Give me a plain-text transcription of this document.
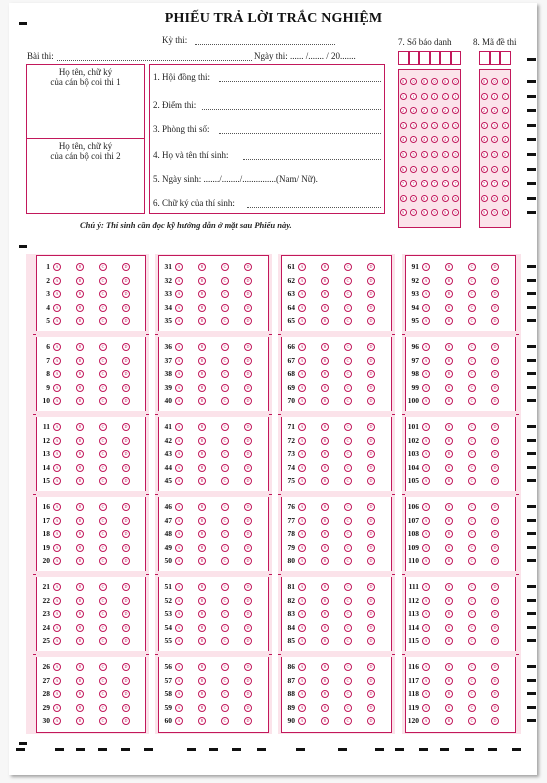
PHIẾU TRẢ LỜI TRẮC NGHIỆM
Kỳ thi:
Bài thi:	Ngày thi: ...... /....... / 20.......
7. Số báo danh 8. Mã đề thi
Họ tên, chữ ký
của cán bộ coi thi 1
Họ tên, chữ ký
của cán bộ coi thi 2
Chú ý: Thí sinh cần đọc kỹ hướng dẫn ở mặt sau Phiếu này.
1. Hội đồng thi:
2. Điểm thi:
3. Phòng thi số:
4. Họ và tên thí sinh:
5. Ngày sinh: ......./......../...............(Nam/ Nữ).
6. Chữ ký của thí sinh:
0
1
2
3
4
5
6
7
8
9
0
1
2
3
4
5
6
7
8
9
0
1
2
3
4
5
6
7
8
9
0
1
2
3
4
5
6
7
8
9
0
1
2
3
4
5
6
7
8
9
0
1
2
3
4
5
6
7
8
9
0
1
2
3
4
5
6
7
8
9
0
1
2
3
4
5
6
7
8
9
0
1
2
3
4
5
6
7
8
9
1	A	B	C	D
2	A	B	C	D
3	A	B	C	D
4	A	B	C	D
5	A	B	C	D
6	A	B	C	D
7	A	B	C	D
8	A	B	C	D
9	A	B	C	D
10	A	B	C	D
11	A	B	C	D
12	A	B	C	D
13	A	B	C	D
14	A	B	C	D
15	A	B	C	D
16	A	B	C	D
17	A	B	C	D
18	A	B	C	D
19	A	B	C	D
20	A	B	C	D
21	A	B	C	D
22	A	B	C	D
23	A	B	C	D
24	A	B	C	D
25	A	B	C	D
26	A	B	C	D
27	A	B	C	D
28	A	B	C	D
29	A	B	C	D
30	A	B	C	D
31	A	B	C	D
32	A	B	C	D
33	A	B	C	D
34	A	B	C	D
35	A	B	C	D
36	A	B	C	D
37	A	B	C	D
38	A	B	C	D
39	A	B	C	D
40	A	B	C	D
41	A	B	C	D
42	A	B	C	D
43	A	B	C	D
44	A	B	C	D
45	A	B	C	D
46	A	B	C	D
47	A	B	C	D
48	A	B	C	D
49	A	B	C	D
50	A	B	C	D
51	A	B	C	D
52	A	B	C	D
53	A	B	C	D
54	A	B	C	D
55	A	B	C	D
56	A	B	C	D
57	A	B	C	D
58	A	B	C	D
59	A	B	C	D
60	A	B	C	D
61	A	B	C	D
62	A	B	C	D
63	A	B	C	D
64	A	B	C	D
65	A	B	C	D
66	A	B	C	D
67	A	B	C	D
68	A	B	C	D
69	A	B	C	D
70	A	B	C	D
71	A	B	C	D
72	A	B	C	D
73	A	B	C	D
74	A	B	C	D
75	A	B	C	D
76	A	B	C	D
77	A	B	C	D
78	A	B	C	D
79	A	B	C	D
80	A	B	C	D
81	A	B	C	D
82	A	B	C	D
83	A	B	C	D
84	A	B	C	D
85	A	B	C	D
86	A	B	C	D
87	A	B	C	D
88	A	B	C	D
89	A	B	C	D
90	A	B	C	D
91	A	B	C	D
92	A	B	C	D
93	A	B	C	D
94	A	B	C	D
95	A	B	C	D
96	A	B	C	D
97	A	B	C	D
98	A	B	C	D
99	A	B	C	D
100	A	B	C	D
101	A	B	C	D
102	A	B	C	D
103	A	B	C	D
104	A	B	C	D
105	A	B	C	D
106	A	B	C	D
107	A	B	C	D
108	A	B	C	D
109	A	B	C	D
110	A	B	C	D
111	A	B	C	D
112	A	B	C	D
113	A	B	C	D
114	A	B	C	D
115	A	B	C	D
116	A	B	C	D
117	A	B	C	D
118	A	B	C	D
119	A	B	C	D
120	A	B	C	D
